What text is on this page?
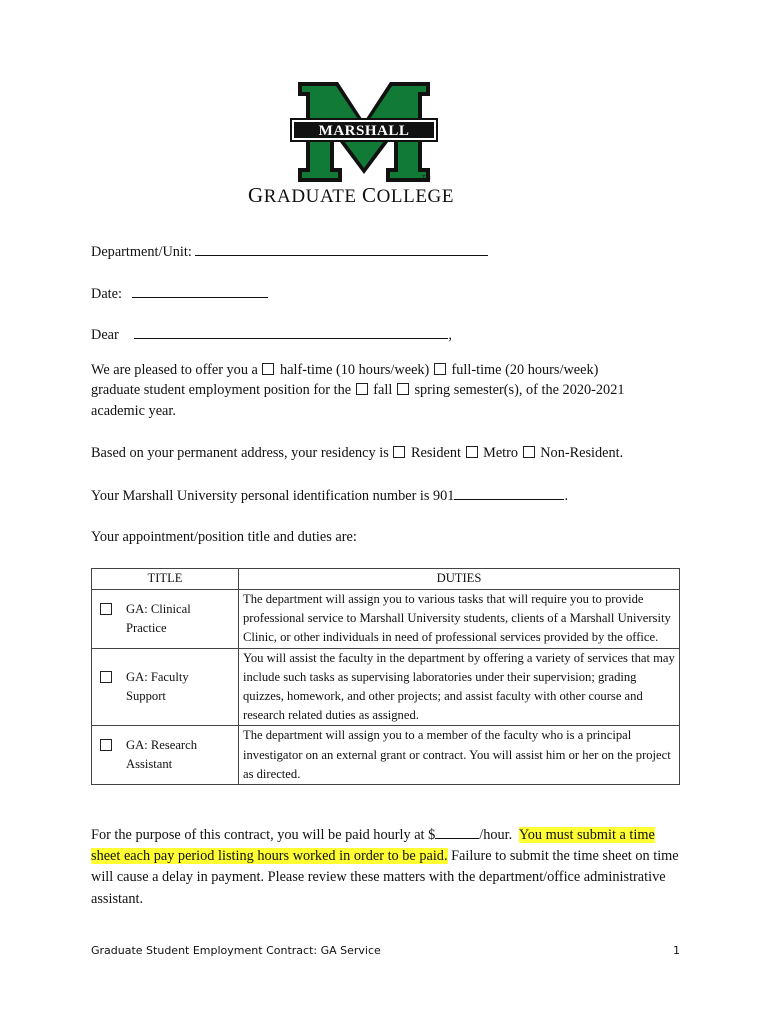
MARSHALL
TM
GRADUATE COLLEGE
Department/Unit:
Date:
Dear	,
We are pleased to offer you a  half-time (10 hours/week)  full-time (20 hours/week)
graduate student employment position for the  fall  spring semester(s), of the 2020-2021
academic year.
Based on your permanent address, your residency is  Resident  Metro  Non-Resident.
Your Marshall University personal identification number is 901	.
Your appointment/position title and duties are:
TITLE	DUTIES

GA: Clinical
Practice	The department will assign you to various tasks that will require you to provide professional service to Marshall University students, clients of a Marshall University Clinic, or other individuals in need of professional services provided by the office.

GA: Faculty
Support	You will assist the faculty in the department by offering a variety of services that may include such tasks as supervising laboratories under their supervision; grading quizzes, homework, and other projects; and assist faculty with other course and research related duties as assigned.

GA: Research
Assistant	The department will assign you to a member of the faculty who is a principal investigator on an external grant or contract. You will assist him or her on the project as directed.
For the purpose of this contract, you will be paid hourly at $	/hour.  You must submit a time sheet each pay period listing hours worked in order to be paid. Failure to submit the time sheet on time will cause a delay in payment. Please review these matters with the department/office administrative assistant.
Graduate Student Employment Contract: GA Service	1
